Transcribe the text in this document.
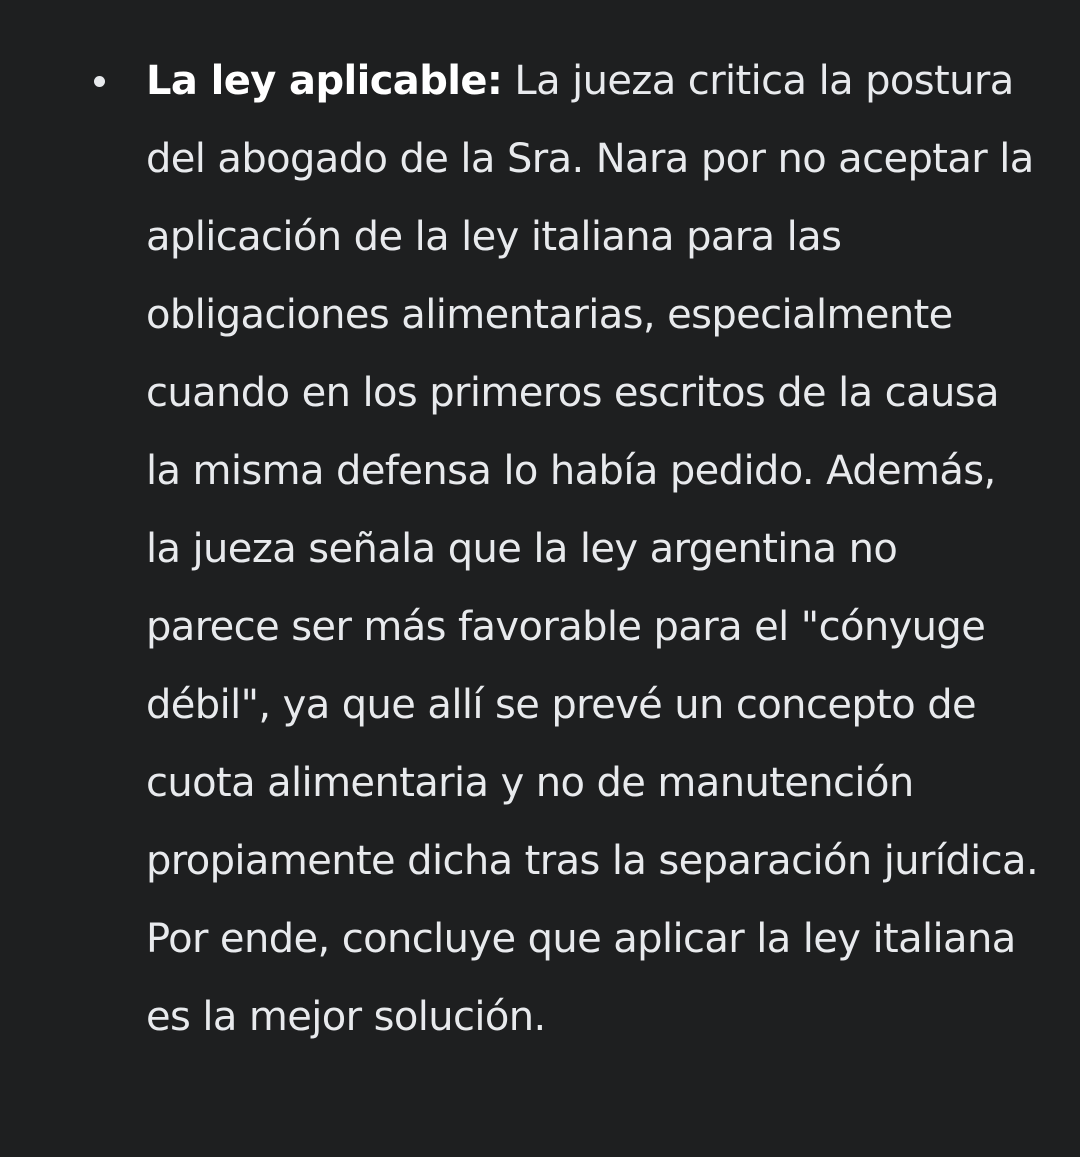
La ley aplicable: La jueza critica la postura del abogado de la Sra. Nara por no aceptar la aplicación de la ley italiana para las obligaciones alimentarias, especialmente cuando en los primeros escritos de la causa la misma defensa lo había pedido. Además, la jueza señala que la ley argentina no parece ser más favorable para el "cónyuge débil", ya que allí se prevé un concepto de cuota alimentaria y no de manutención propiamente dicha tras la separación jurídica. Por ende, concluye que aplicar la ley italiana es la mejor solución.
